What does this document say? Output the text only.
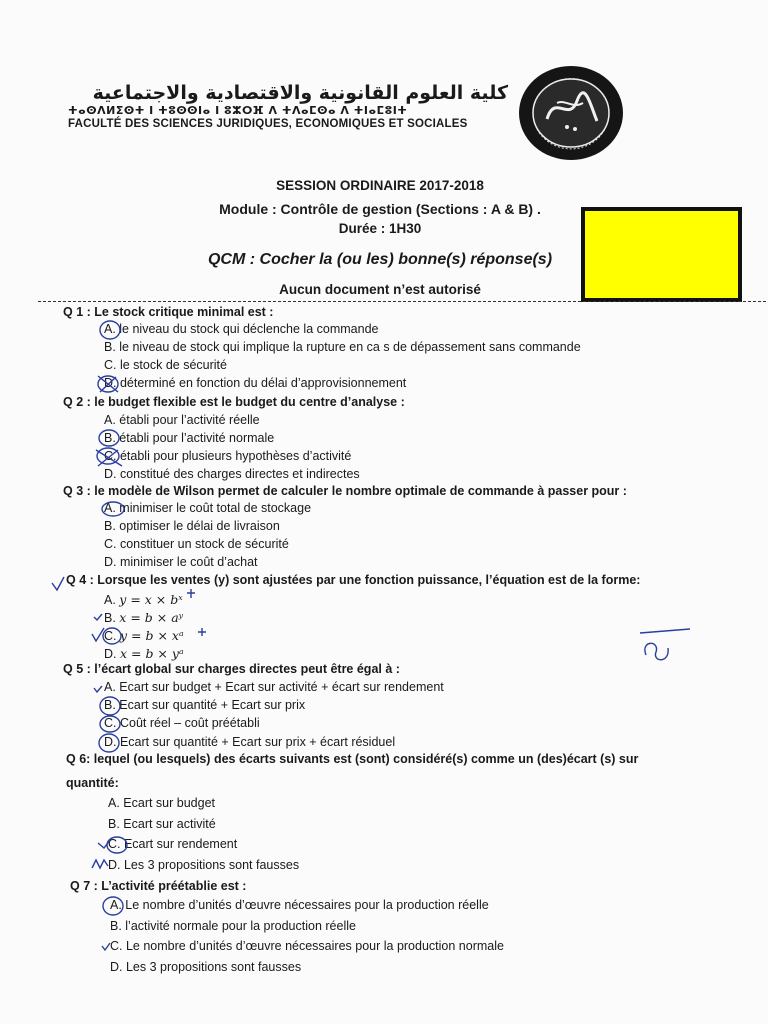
كلية العلوم القانونية والاقتصادية والاجتماعية
ⵜⴰⵙⴷⵍⵉⵙⵜ ⵏ ⵜⵓⵙⵙⵏⴰ ⵏ ⵓⵣⵔⴼ ⴷ ⵜⴷⴰⵎⵙⴰ ⴷ ⵜⵏⴰⵎⵓⵏⵜ
FACULTÉ DES SCIENCES JURIDIQUES, ECONOMIQUES ET SOCIALES
SESSION ORDINAIRE 2017-2018
Module : Contrôle de gestion (Sections : A & B) .
Durée : 1H30
QCM : Cocher la (ou les) bonne(s) réponse(s)
Aucun document n’est autorisé
Q 1 : Le stock critique minimal est :
A. le niveau du stock qui déclenche la commande
B. le niveau de stock qui implique la rupture en ca s de dépassement sans commande
C. le stock de sécurité
D. déterminé en fonction du délai d’approvisionnement
Q 2 : le budget flexible est le budget du centre d’analyse :
A. établi pour l’activité réelle
B. établi pour l’activité normale
C. établi pour plusieurs hypothèses d’activité
D. constitué des charges directes et indirectes
Q 3 : le modèle de Wilson permet de calculer le nombre optimale de commande à passer pour :
A. minimiser le coût total de stockage
B. optimiser le délai de livraison
C. constituer un stock de sécurité
D. minimiser le coût d’achat
Q 4 : Lorsque les ventes (y) sont ajustées par une fonction puissance, l’équation est de la forme:
A. y = x × bˣ
B. x = b × aʸ
C. y = b × xᵃ
D. x = b × yᵃ
Q 5 : l’écart global sur charges directes peut être égal à :
A. Ecart sur budget + Ecart sur activité + écart sur rendement
B. Ecart sur quantité + Ecart sur prix
C. Coût réel – coût préétabli
D. Ecart sur quantité + Ecart sur prix + écart résiduel
Q 6: lequel (ou lesquels) des écarts suivants est (sont) considéré(s) comme un (des)écart (s) sur
quantité:
A. Ecart sur budget
B. Ecart sur activité
C. Ecart sur rendement
D. Les 3 propositions sont fausses
Q 7 : L’activité préétablie est :
A. Le nombre d’unités d’œuvre nécessaires pour la production réelle
B. l’activité normale pour la production réelle
C. Le nombre d’unités d’œuvre nécessaires pour la production normale
D. Les 3 propositions sont fausses
